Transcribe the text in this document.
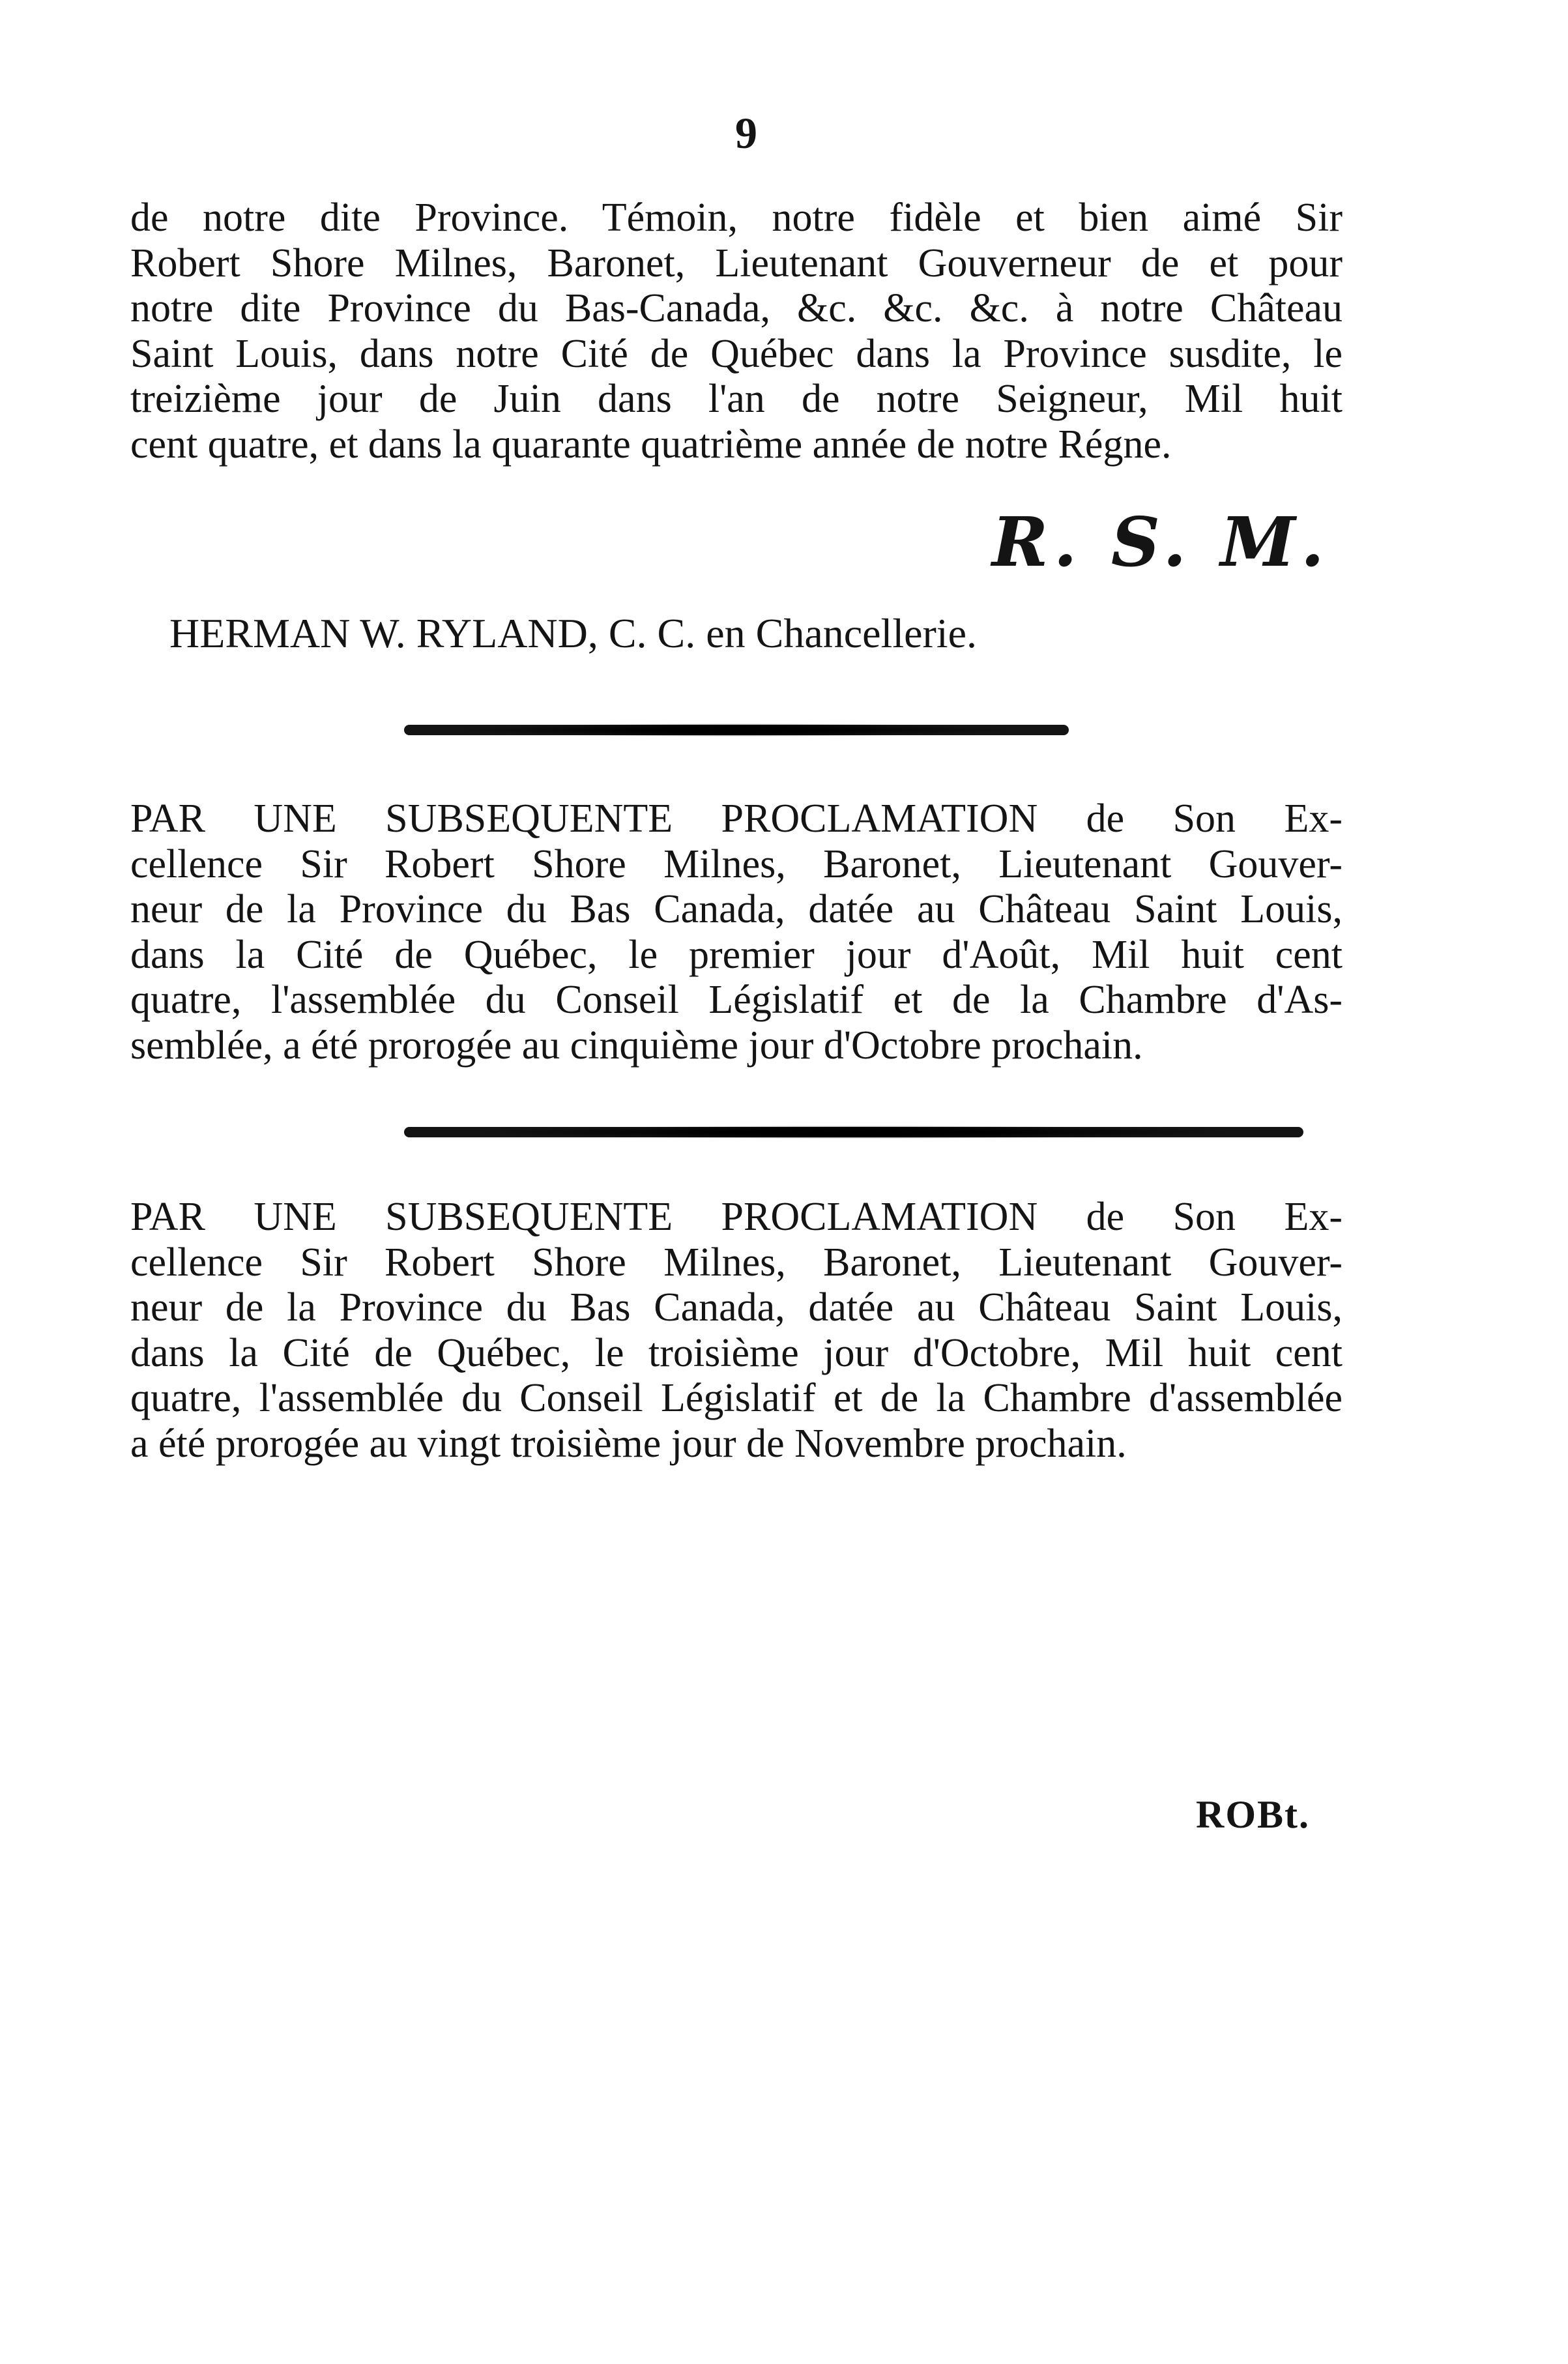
9
de notre dite Province. Témoin, notre fidèle et bien aimé Sir
Robert Shore Milnes, Baronet, Lieutenant Gouverneur de et pour
notre dite Province du Bas-Canada, &c. &c. &c. à notre Château
Saint Louis, dans notre Cité de Québec dans la Province susdite, le
treizième jour de Juin dans l'an de notre Seigneur, Mil huit
cent quatre, et dans la quarante quatrième année de notre Régne.
R. S. M.
HERMAN W. RYLAND, C. C. en Chancellerie.
PAR UNE SUBSEQUENTE PROCLAMATION de Son Ex-
cellence Sir Robert Shore Milnes, Baronet, Lieutenant Gouver-
neur de la Province du Bas Canada, datée au Château Saint Louis,
dans la Cité de Québec, le premier jour d'Août, Mil huit cent
quatre, l'assemblée du Conseil Législatif et de la Chambre d'As-
semblée, a été prorogée au cinquième jour d'Octobre prochain.
PAR UNE SUBSEQUENTE PROCLAMATION de Son Ex-
cellence Sir Robert Shore Milnes, Baronet, Lieutenant Gouver-
neur de la Province du Bas Canada, datée au Château Saint Louis,
dans la Cité de Québec, le troisième jour d'Octobre, Mil huit cent
quatre, l'assemblée du Conseil Législatif et de la Chambre d'assemblée
a été prorogée au vingt troisième jour de Novembre prochain.
ROBt.
